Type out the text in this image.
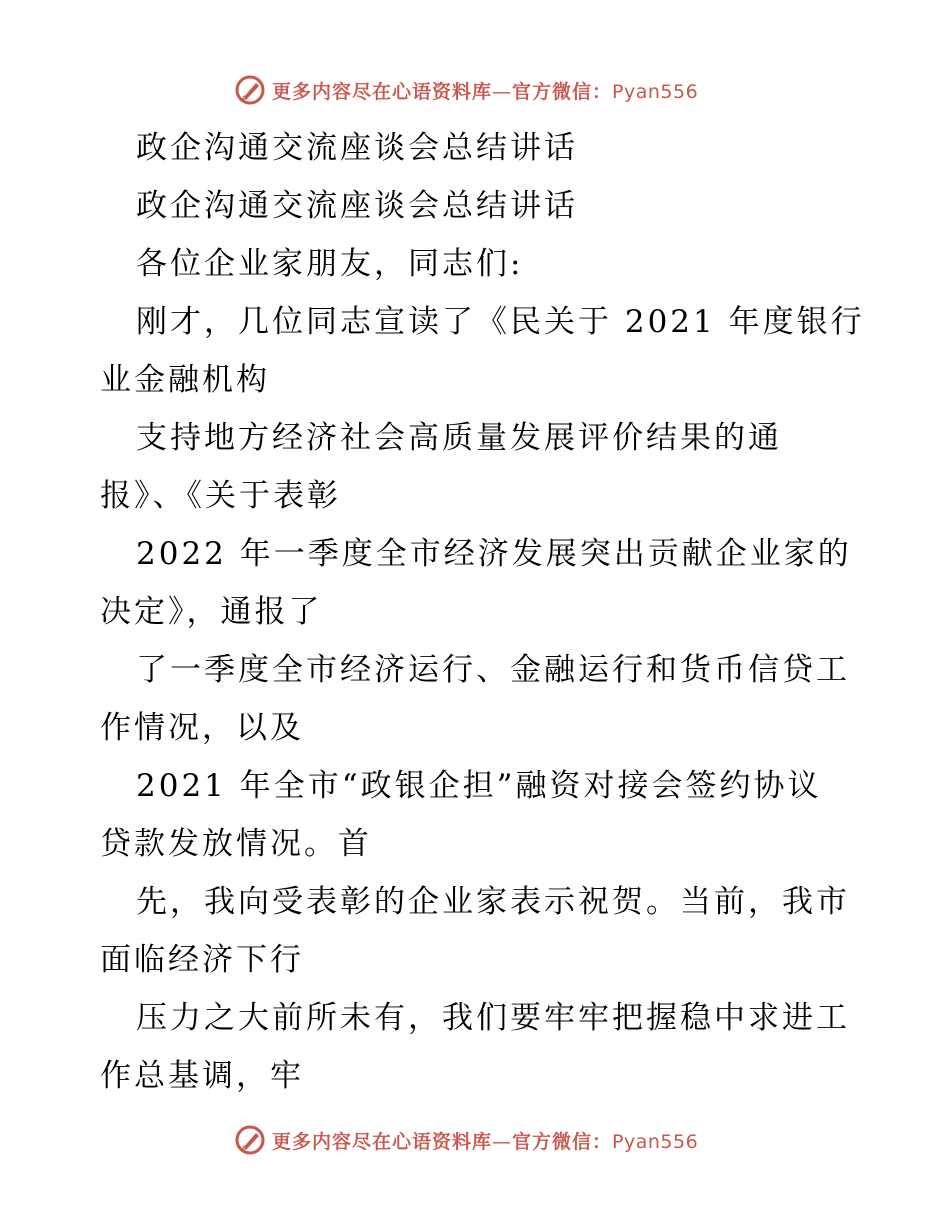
更多内容尽在心语资料库—官方微信：Pyan556
政企沟通交流座谈会总结讲话
政企沟通交流座谈会总结讲话
各位企业家朋友，同志们:
刚才，几位同志宣读了《民关于 2021 年度银行
业金融机构
支持地方经济社会高质量发展评价结果的通
报》、《关于表彰
2022 年一季度全市经济发展突出贡献企业家的
决定》，通报了
了一季度全市经济运行、金融运行和货币信贷工
作情况，以及
2021 年全市“政银企担”融资对接会签约协议
贷款发放情况。首
先，我向受表彰的企业家表示祝贺。当前，我市
面临经济下行
压力之大前所未有，我们要牢牢把握稳中求进工
作总基调，牢
更多内容尽在心语资料库—官方微信：Pyan556
